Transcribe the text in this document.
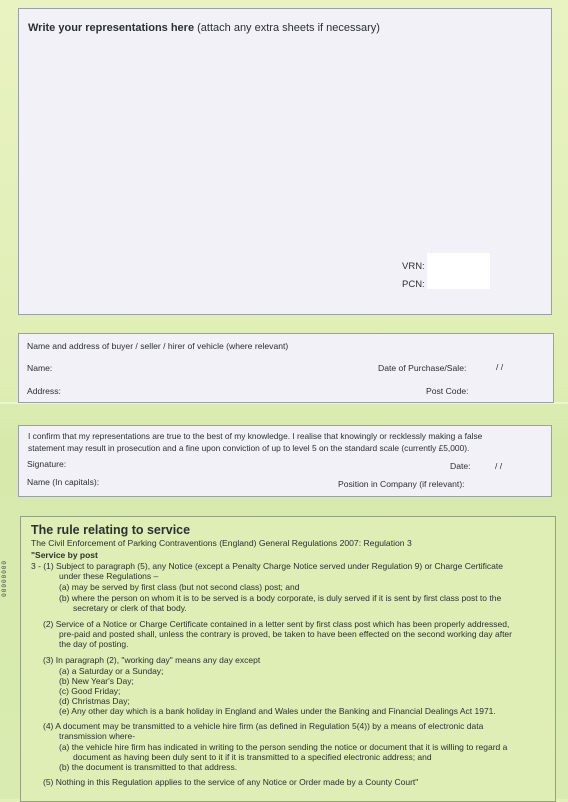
Write your representations here (attach any extra sheets if necessary)
VRN:
PCN:
Name and address of buyer / seller / hirer of vehicle (where relevant)
Name:	Date of Purchase/Sale:	/ /
Address:	Post Code:
I confirm that my representations are true to the best of my knowledge. I realise that knowingly or recklessly making a false
statement may result in prosecution and a fine upon conviction of up to level 5 on the standard scale (currently £5,000).
Signature:	Date:	/ /
Name (In capitals):	Position in Company (if relevant):
00000000
The rule relating to service
The Civil Enforcement of Parking Contraventions (England) General Regulations 2007: Regulation 3
"Service by post
3 - (1) Subject to paragraph (5), any Notice (except a Penalty Charge Notice served under Regulation 9) or Charge Certificate
under these Regulations –
(a) may be served by first class (but not second class) post; and
(b) where the person on whom it is to be served is a body corporate, is duly served if it is sent by first class post to the
secretary or clerk of that body.
(2) Service of a Notice or Charge Certificate contained in a letter sent by first class post which has been properly addressed,
pre-paid and posted shall, unless the contrary is proved, be taken to have been effected on the second working day after
the day of posting.
(3) In paragraph (2), "working day" means any day except
(a) a Saturday or a Sunday;
(b) New Year's Day;
(c) Good Friday;
(d) Christmas Day;
(e) Any other day which is a bank holiday in England and Wales under the Banking and Financial Dealings Act 1971.
(4) A document may be transmitted to a vehicle hire firm (as defined in Regulation 5(4)) by a means of electronic data
transmission where-
(a) the vehicle hire firm has indicated in writing to the person sending the notice or document that it is willing to regard a
document as having been duly sent to it if it is transmitted to a specified electronic address; and
(b) the document is transmitted to that address.
(5) Nothing in this Regulation applies to the service of any Notice or Order made by a County Court"
